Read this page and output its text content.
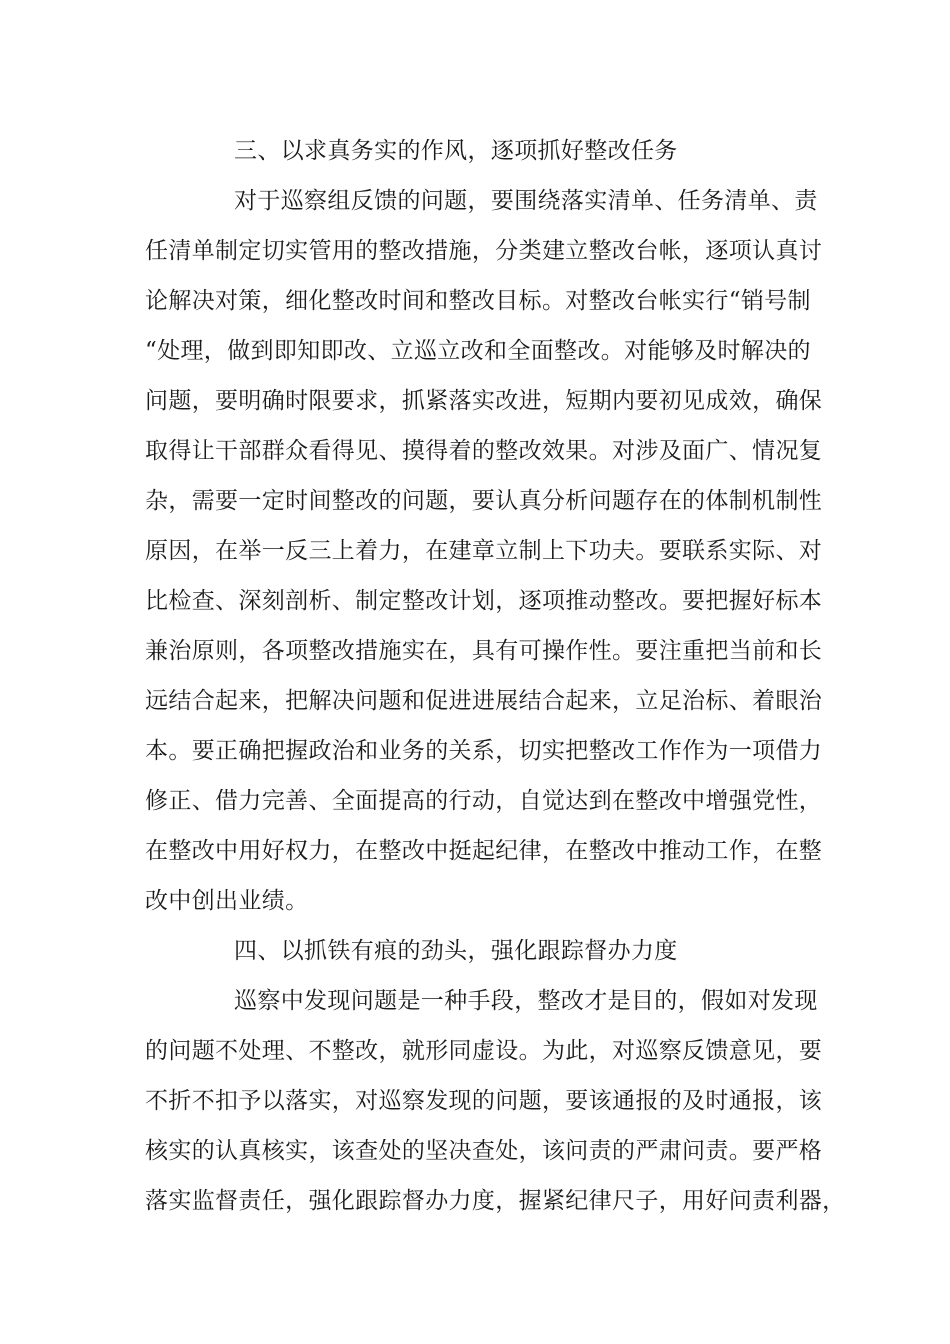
三、以求真务实的作风，逐项抓好整改任务

对于巡察组反馈的问题，要围绕落实清单、任务清单、责

任清单制定切实管用的整改措施，分类建立整改台帐，逐项认真讨

论解决对策，细化整改时间和整改目标。对整改台帐实行“销号制

“处理，做到即知即改、立巡立改和全面整改。对能够及时解决的

问题，要明确时限要求，抓紧落实改进，短期内要初见成效，确保

取得让干部群众看得见、摸得着的整改效果。对涉及面广、情况复

杂，需要一定时间整改的问题，要认真分析问题存在的体制机制性

原因，在举一反三上着力，在建章立制上下功夫。要联系实际、对

比检查、深刻剖析、制定整改计划，逐项推动整改。要把握好标本

兼治原则，各项整改措施实在，具有可操作性。要注重把当前和长

远结合起来，把解决问题和促进进展结合起来，立足治标、着眼治

本。要正确把握政治和业务的关系，切实把整改工作作为一项借力

修正、借力完善、全面提高的行动，自觉达到在整改中增强党性，

在整改中用好权力，在整改中挺起纪律，在整改中推动工作，在整

改中创出业绩。

四、以抓铁有痕的劲头，强化跟踪督办力度

巡察中发现问题是一种手段，整改才是目的，假如对发现

的问题不处理、不整改，就形同虚设。为此，对巡察反馈意见，要

不折不扣予以落实，对巡察发现的问题，要该通报的及时通报，该

核实的认真核实，该查处的坚决查处，该问责的严肃问责。要严格

落实监督责任，强化跟踪督办力度，握紧纪律尺子，用好问责利器，
